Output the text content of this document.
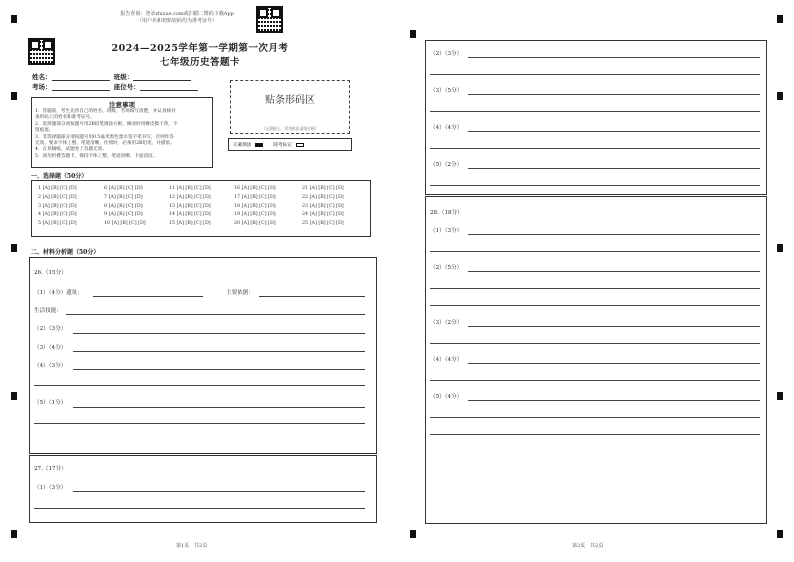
报告查询：登录zhixue.com或扫描二维码下载App
（用户名和初始密码均为准考证号）
2024—2025学年第一学期第一次月考
七年级历史答题卡
姓名：	班级：
考场：	座位号：
注意事项

1．答题前，考生先将自己的姓名、班级、考场填写清楚，并认真核对

条形码上的姓名和准考证号。

2．选择题部分请按题号用2B铅笔填涂方框，修改时用橡皮擦干净，不

留痕迹。

3．非选择题部分请按题号用0.5毫米黑色墨水签字笔书写，否则作答

无效。要求字体工整、笔迹清晰。作图时，必须用2B铅笔，并描浓。

4．在草稿纸、试题卷上答题无效。

5．请勿折叠答题卡，保持字体工整、笔迹清晰、卡面清洁。

贴条形码区
（正面朝上，切勿贴出虚线方框）
正确填涂	缺考标记
一、选择题（50分）
1 [A] [B] [C] [D]
2 [A] [B] [C] [D]
3 [A] [B] [C] [D]
4 [A] [B] [C] [D]
5 [A] [B] [C] [D]
6 [A] [B] [C] [D]
7 [A] [B] [C] [D]
8 [A] [B] [C] [D]
9 [A] [B] [C] [D]
10 [A] [B] [C] [D]
11 [A] [B] [C] [D]
12 [A] [B] [C] [D]
13 [A] [B] [C] [D]
14 [A] [B] [C] [D]
15 [A] [B] [C] [D]
16 [A] [B] [C] [D]
17 [A] [B] [C] [D]
18 [A] [B] [C] [D]
19 [A] [B] [C] [D]
20 [A] [B] [C] [D]
21 [A] [B] [C] [D]
22 [A] [B] [C] [D]
23 [A] [B] [C] [D]
24 [A] [B] [C] [D]
25 [A] [B] [C] [D]
二、材料分析题（50分）
26.（15分）
（1）（4分）遗址：	主要依据：
生活技能：
（2）（3分）
（3）（4分）
（4）（3分）
（5）（1分）
27.（17分）
（1）（3分）
第1页　共2页
（2）（3分）
（3）（5分）
（4）（4分）
（5）（2分）
28.（18分）
（1）（3分）
（2）（5分）
（3）（2分）
（4）（4分）
（5）（4分）
第2页　共2页
